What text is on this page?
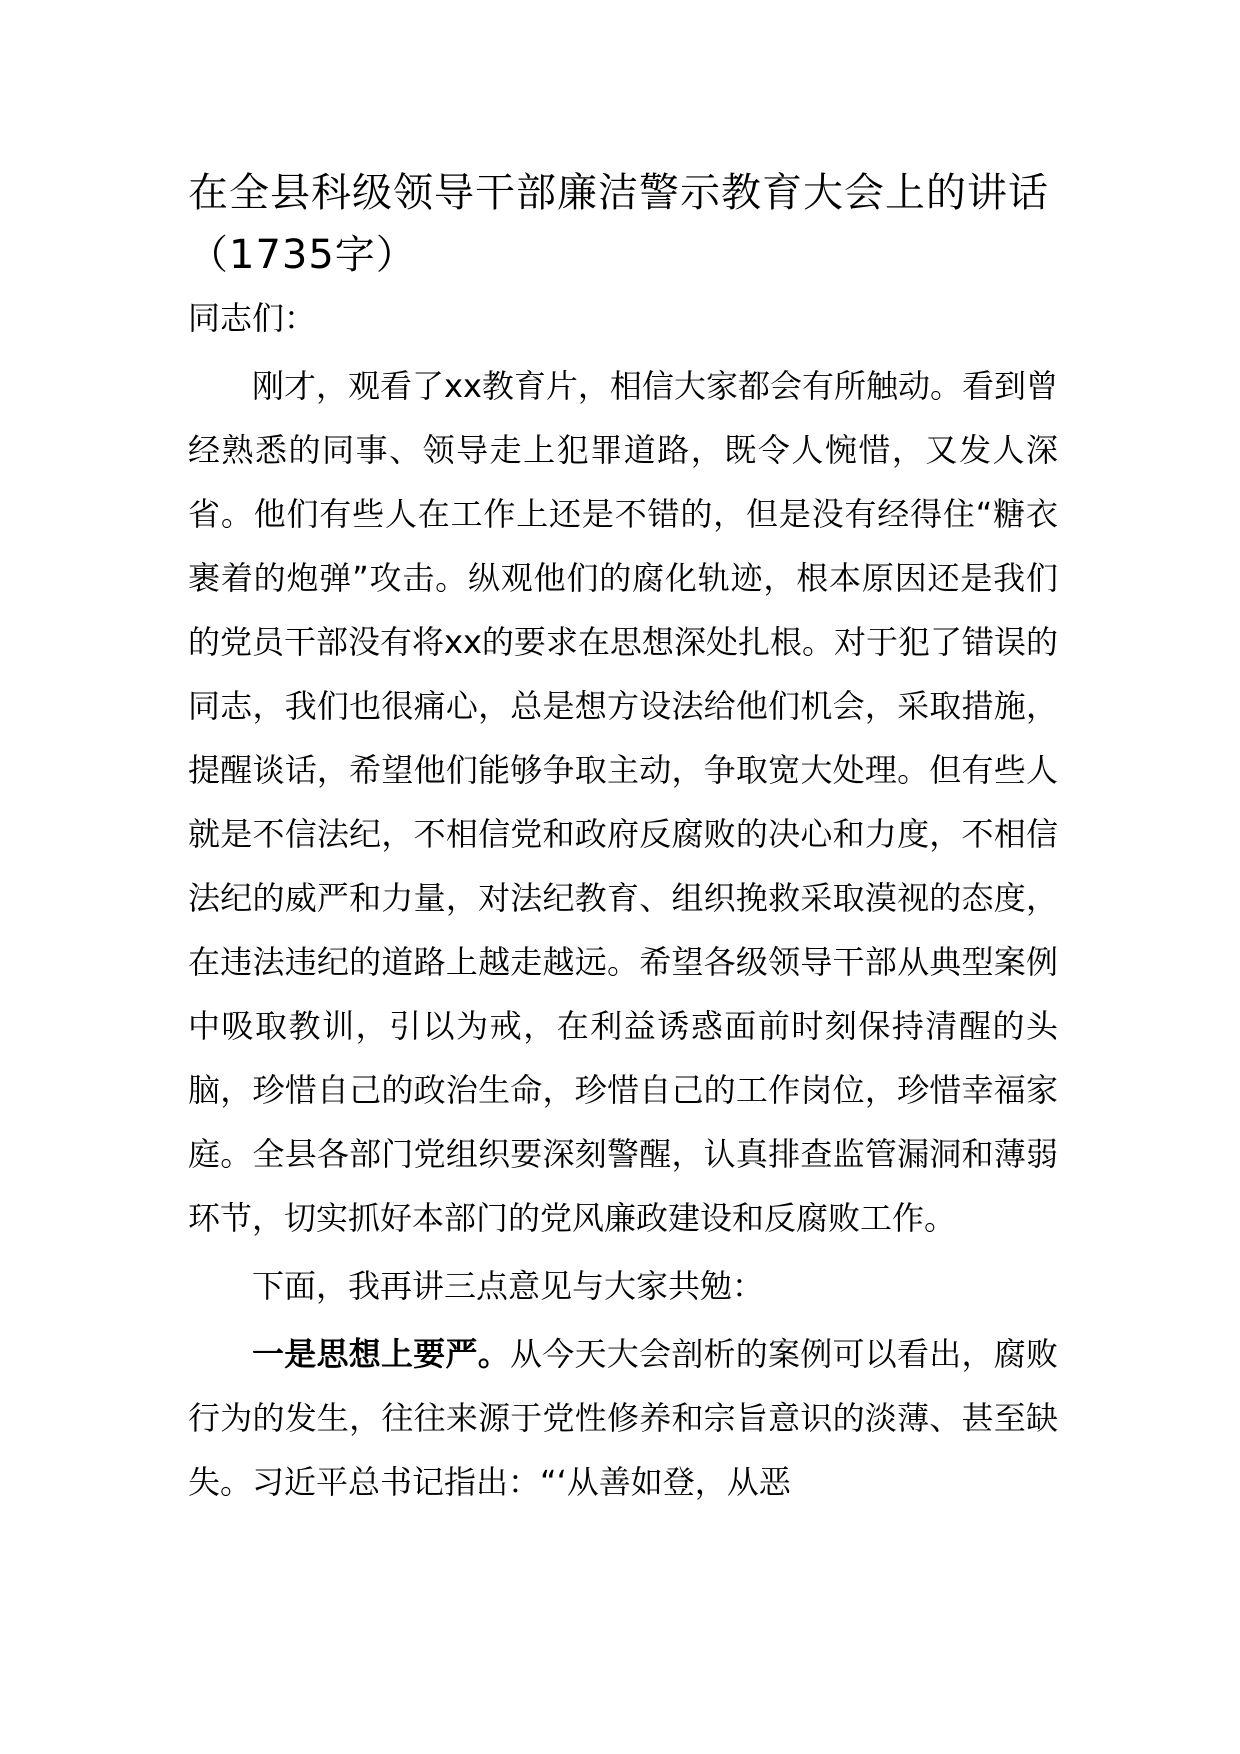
在全县科级领导干部廉洁警示教育大会上的讲话（1735字）

同志们：

刚才，观看了xx教育片，相信大家都会有所触动。看到曾经熟悉的同事、领导走上犯罪道路，既令人惋惜，又发人深省。他们有些人在工作上还是不错的，但是没有经得住“糖衣裹着的炮弹”攻击。纵观他们的腐化轨迹，根本原因还是我们的党员干部没有将xx的要求在思想深处扎根。对于犯了错误的同志，我们也很痛心，总是想方设法给他们机会，采取措施，提醒谈话，希望他们能够争取主动，争取宽大处理。但有些人就是不信法纪，不相信党和政府反腐败的决心和力度，不相信法纪的威严和力量，对法纪教育、组织挽救采取漠视的态度，在违法违纪的道路上越走越远。希望各级领导干部从典型案例中吸取教训，引以为戒，在利益诱惑面前时刻保持清醒的头脑，珍惜自己的政治生命，珍惜自己的工作岗位，珍惜幸福家庭。全县各部门党组织要深刻警醒，认真排查监管漏洞和薄弱环节，切实抓好本部门的党风廉政建设和反腐败工作。

下面，我再讲三点意见与大家共勉：

一是思想上要严。从今天大会剖析的案例可以看出，腐败行为的发生，往往来源于党性修养和宗旨意识的淡薄、甚至缺失。习近平总书记指出：“‘从善如登，从恶
